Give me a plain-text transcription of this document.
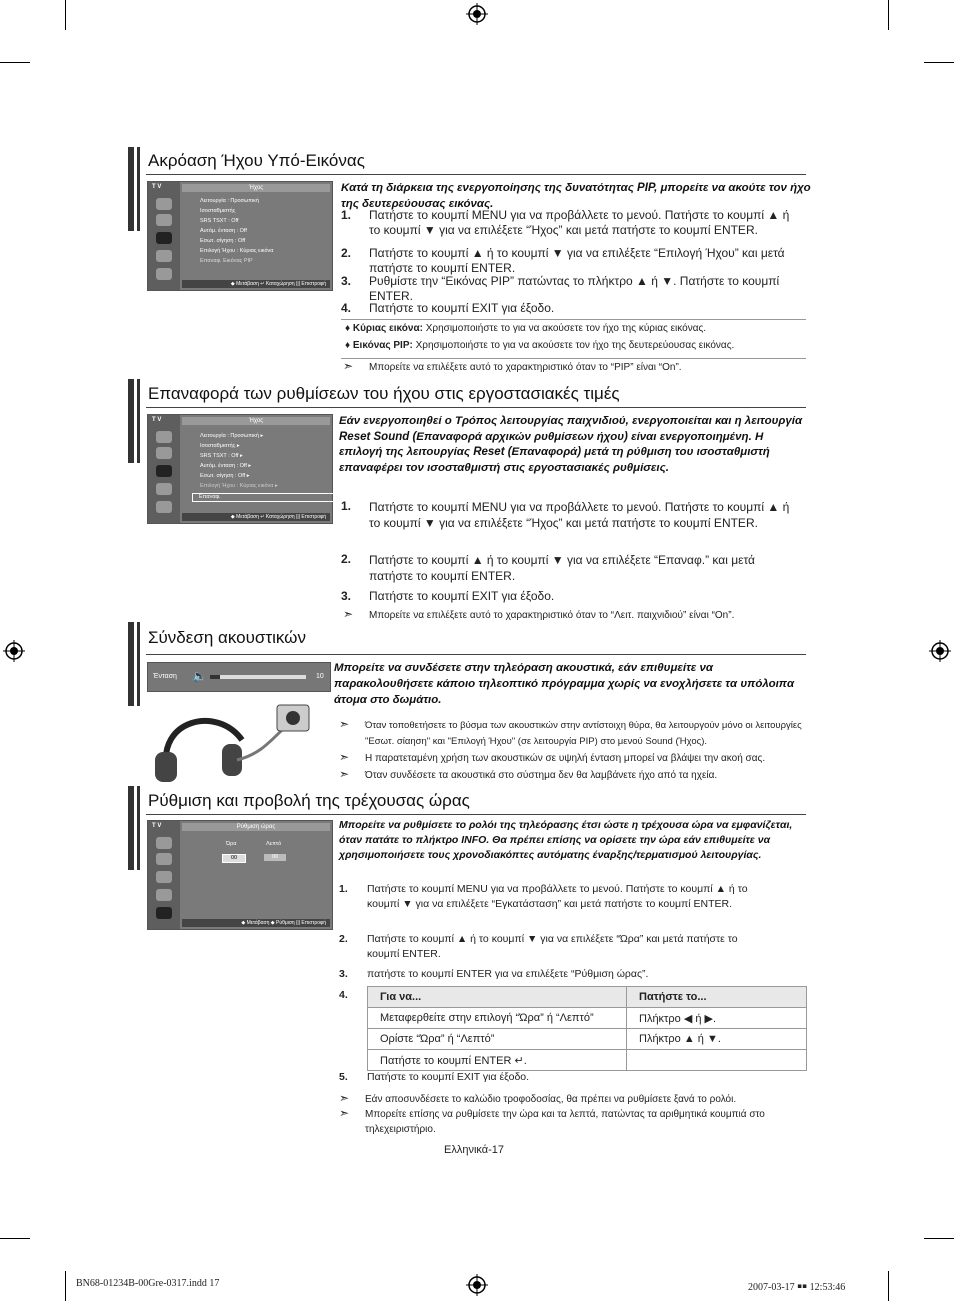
Ακρόαση Ήχου Υπό-Εικόνας
T V	Ήχος
Λειτουργία : Προσωπική
Ισοσταθμιστής
SRS TSXT : Off
Αυτόμ. ένταση : Off
Εσωτ. σίγηση : Off
Επιλογή Ήχου : Κύριας εικόνα
Επαναφ. Εικόνας PIP
◆ Μετάβαση ↵ Καταχώρηση ||| Επιστροφή
Κατά τη διάρκεια της ενεργοποίησης της δυνατότητας PIP, μπορείτε να ακούτε τον ήχο της δευτερεύουσας εικόνας.
1. Πατήστε το κουμπί MENU για να προβάλλετε το μενού. Πατήστε το κουμπί ▲ ή το κουμπί ▼ για να επιλέξετε “Ήχος” και μετά πατήστε το κουμπί ENTER.
2. Πατήστε το κουμπί ▲ ή το κουμπί ▼ για να επιλέξετε “Επιλογή Ήχου” και μετά πατήστε το κουμπί ENTER.
3. Ρυθμίστε την “Εικόνας PIP” πατώντας το πλήκτρο ▲ ή ▼. Πατήστε το κουμπί ENTER.
4. Πατήστε το κουμπί EXIT για έξοδο.
♦ Κύριας εικόνα: Χρησιμοποιήστε το για να ακούσετε τον ήχο της κύριας εικόνας.
♦ Εικόνας PIP: Χρησιμοποιήστε το για να ακούσετε τον ήχο της δευτερεύουσας εικόνας.
➣ Μπορείτε να επιλέξετε αυτό το χαρακτηριστικό όταν το “PIP” είναι “On”.
Επαναφορά των ρυθμίσεων του ήχου στις εργοστασιακές τιμές
T V	Ήχος
Λειτουργία : Προσωπική ▸
Ισοσταθμιστής ▸
SRS TSXT : Off ▸
Αυτόμ. ένταση : Off ▸
Εσωτ. σίγηση : Off ▸
Επιλογή Ήχου : Κύριας εικόνα ▸
Επαναφ.
◆ Μετάβαση ↵ Καταχώρηση ||| Επιστροφή
Εάν ενεργοποιηθεί ο Τρόπος λειτουργίας παιχνιδιού, ενεργοποιείται και η λειτουργία Reset Sound (Επαναφορά αρχικών ρυθμίσεων ήχου) είναι ενεργοποιημένη. Η επιλογή της λειτουργίας Reset (Επαναφορά) μετά τη ρύθμιση του ισοσταθμιστή επαναφέρει τον ισοσταθμιστή στις εργοστασιακές ρυθμίσεις.
1. Πατήστε το κουμπί MENU για να προβάλλετε το μενού. Πατήστε το κουμπί ▲ ή το κουμπί ▼ για να επιλέξετε “Ήχος” και μετά πατήστε το κουμπί ENTER.
2. Πατήστε το κουμπί ▲ ή το κουμπί ▼ για να επιλέξετε “Επαναφ.” και μετά πατήστε το κουμπί ENTER.
3. Πατήστε το κουμπί EXIT για έξοδο.
➣ Μπορείτε να επιλέξετε αυτό το χαρακτηριστικό όταν το “Λειτ. παιχνιδιού” είναι “On”.
Σύνδεση ακουστικών
Ένταση 🔈	10
Μπορείτε να συνδέσετε στην τηλεόραση ακουστικά, εάν επιθυμείτε να παρακολουθήσετε κάποιο τηλεοπτικό πρόγραμμα χωρίς να ενοχλήσετε τα υπόλοιπα άτομα στο δωμάτιο.
➣ Όταν τοποθετήσετε το βύσμα των ακουστικών στην αντίστοιχη θύρα, θα λειτουργούν μόνο οι λειτουργίες "Εσωτ. σίαηση" και "Επιλογή Ήχου" (σε λειτουργία PIP) στο μενού Sound (Ήχος).
➣ Η παρατεταμένη χρήση των ακουστικών σε υψηλή ένταση μπορεί να βλάψει την ακοή σας.
➣ Όταν συνδέσετε τα ακουστικά στο σύστημα δεν θα λαμβάνετε ήχο από τα ηχεία.
Ρύθμιση και προβολή της τρέχουσας ώρας
T V	Ρύθμιση ώρας
Ώρα	Λεπτό
00	00
◆ Μετάβαση ◆ Ρύθμιση ||| Επιστροφή
Μπορείτε να ρυθμίσετε το ρολόι της τηλεόρασης έτσι ώστε η τρέχουσα ώρα να εμφανίζεται, όταν πατάτε το πλήκτρο INFO. Θα πρέπει επίσης να ορίσετε την ώρα εάν επιθυμείτε να χρησιμοποιήσετε τους χρονοδιακόπτες αυτόματης έναρξης/τερματισμού λειτουργίας.
1. Πατήστε το κουμπί MENU για να προβάλλετε το μενού. Πατήστε το κουμπί ▲ ή το κουμπί ▼ για να επιλέξετε “Εγκατάσταση” και μετά πατήστε το κουμπί ENTER.
2. Πατήστε το κουμπί ▲ ή το κουμπί ▼ για να επιλέξετε “Ώρα” και μετά πατήστε το κουμπί ENTER.
3. πατήστε το κουμπί ENTER για να επιλέξετε “Ρύθμιση ώρας”.
4.	Για να...	Πατήστε το...
Μεταφερθείτε στην επιλογή “Ώρα” ή “Λεπτό”	Πλήκτρο ◀ ή ▶.
Ορίστε “Ώρα” ή “Λεπτό”	Πλήκτρο ▲ ή ▼.
Πατήστε το κουμπί ENTER ↵.	
5. Πατήστε το κουμπί EXIT για έξοδο.
➣ Εάν αποσυνδέσετε το καλώδιο τροφοδοσίας, θα πρέπει να ρυθμίσετε ξανά το ρολόι.
➣ Μπορείτε επίσης να ρυθμίσετε την ώρα και τα λεπτά, πατώντας τα αριθμητικά κουμπιά στο τηλεχειριστήριο.
Ελληνικά-17
BN68-01234B-00Gre-0317.indd 17	2007-03-17 ￭￭ 12:53:46
